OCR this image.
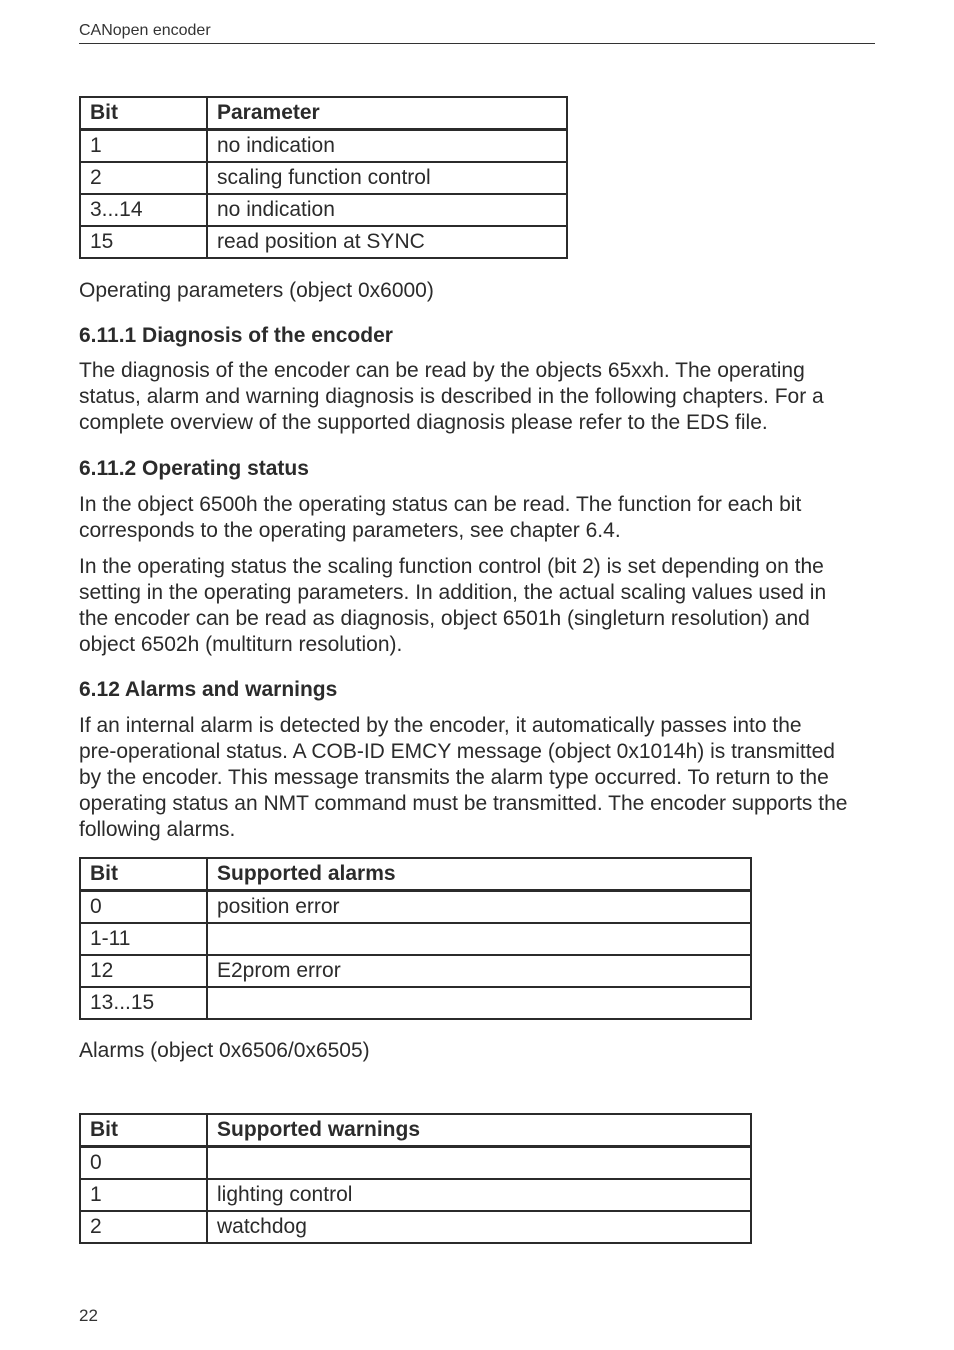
CANopen encoder
Bit	Parameter
1	no indication
2	scaling function control
3...14	no indication
15	read position at SYNC
Operating parameters (object 0x6000)
6.11.1 Diagnosis of the encoder

The diagnosis of the encoder can be read by the objects 65xxh. The operating
status, alarm and warning diagnosis is described in the following chapters. For a
complete overview of the supported diagnosis please refer to the EDS file.

6.11.2 Operating status

In the object 6500h the operating status can be read. The function for each bit
corresponds to the operating parameters, see chapter 6.4.

In the operating status the scaling function control (bit 2) is set depending on the
setting in the operating parameters. In addition, the actual scaling values used in
the encoder can be read as diagnosis, object 6501h (singleturn resolution) and
object 6502h (multiturn resolution).

6.12 Alarms and warnings

If an internal alarm is detected by the encoder, it automatically passes into the
pre-operational status. A COB-ID EMCY message (object 0x1014h) is transmitted
by the encoder. This message transmits the alarm type occurred. To return to the
operating status an NMT command must be transmitted. The encoder supports the
following alarms.

Bit	Supported alarms
0	position error
1-11	
12	E2prom error
13...15	
Alarms (object 0x6506/0x6505)
Bit	Supported warnings
0	
1	lighting control
2	watchdog
22
